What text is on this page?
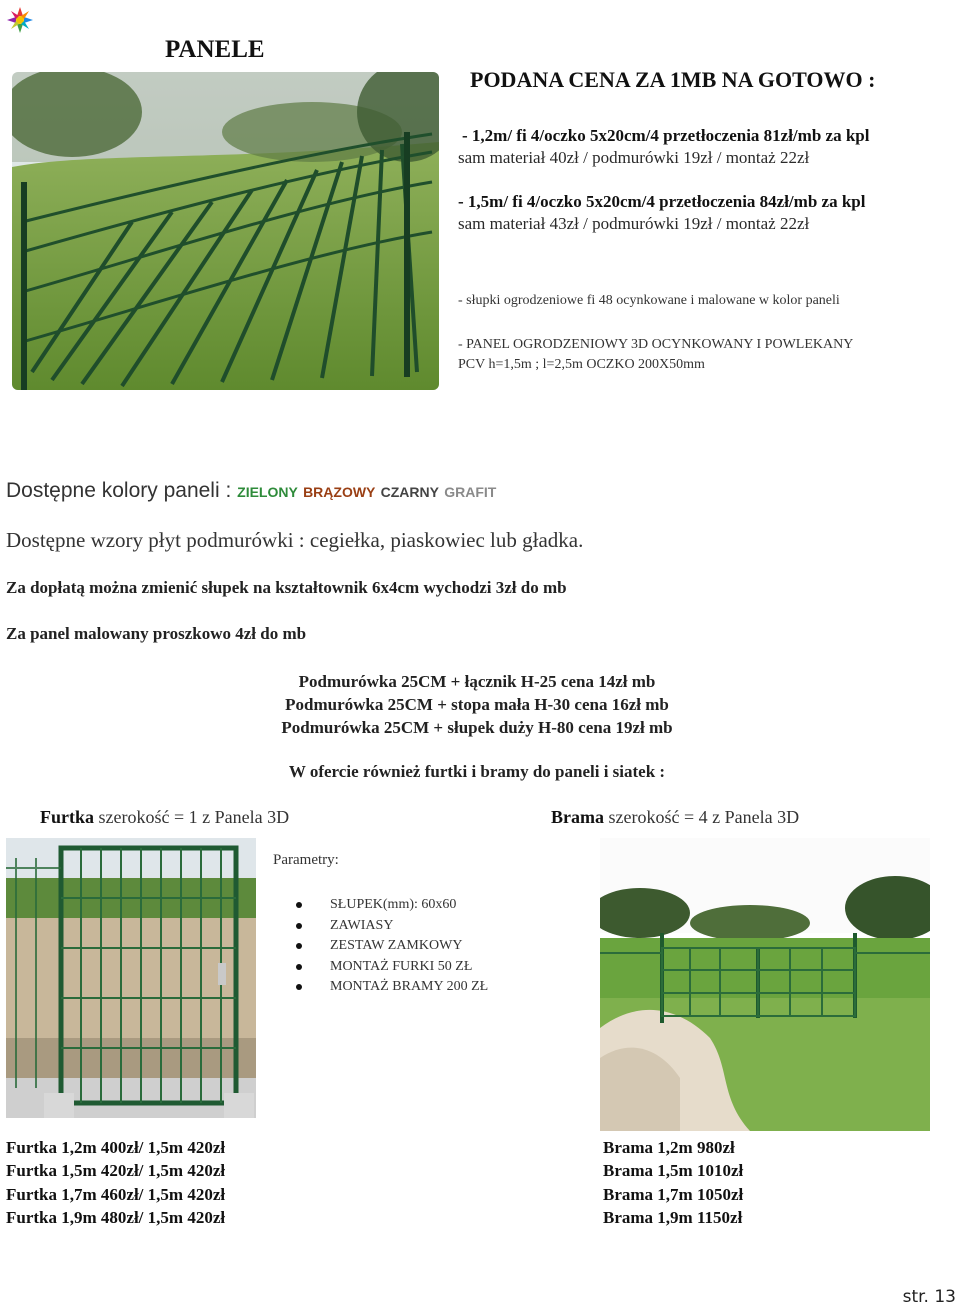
PANELE
PODANA CENA ZA 1MB NA GOTOWO :
- 1,2m/ fi 4/oczko 5x20cm/4 przetłoczenia 81zł/mb za kpl
sam materiał 40zł / podmurówki 19zł / montaż 22zł
- 1,5m/ fi 4/oczko 5x20cm/4 przetłoczenia 84zł/mb za kpl
sam materiał 43zł / podmurówki 19zł / montaż 22zł
- słupki ogrodzeniowe fi 48 ocynkowane i malowane w kolor paneli
- PANEL OGRODZENIOWY 3D OCYNKOWANY I POWLEKANY
PCV h=1,5m ; l=2,5m OCZKO 200X50mm
Dostępne kolory paneli : ZIELONY BRĄZOWY CZARNY GRAFIT
Dostępne wzory płyt podmurówki : cegiełka, piaskowiec lub gładka.
Za dopłatą można zmienić słupek na kształtownik 6x4cm wychodzi 3zł do mb
Za panel malowany proszkowo 4zł do mb
Podmurówka 25CM + łącznik H-25 cena 14zł mb
Podmurówka 25CM + stopa mała H-30 cena 16zł mb
Podmurówka 25CM + słupek duży H-80 cena 19zł mb
W ofercie również furtki i bramy do paneli i siatek :
Furtka szerokość = 1 z Panela 3D	Brama szerokość = 4 z Panela 3D
Parametry:
SŁUPEK(mm): 60x60
ZAWIASY
ZESTAW ZAMKOWY
MONTAŻ FURKI 50 ZŁ
MONTAŻ BRAMY 200 ZŁ
Furtka 1,2m 400zł/ 1,5m 420zł
Furtka 1,5m 420zł/ 1,5m 420zł
Furtka 1,7m 460zł/ 1,5m 420zł
Furtka 1,9m 480zł/ 1,5m 420zł
Brama 1,2m 980zł
Brama 1,5m 1010zł
Brama 1,7m 1050zł
Brama 1,9m 1150zł
str. 13
